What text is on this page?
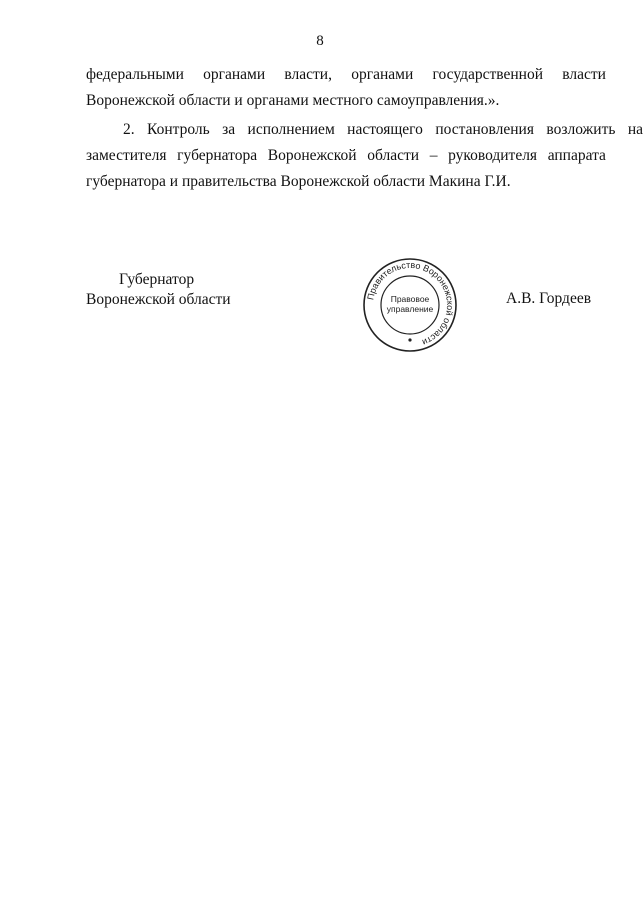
8
федеральными органами власти, органами государственной власти
Воронежской области и органами местного самоуправления.».
2. Контроль за исполнением настоящего постановления возложить на
заместителя губернатора Воронежской области – руководителя аппарата
губернатора и правительства Воронежской области Макина Г.И.
Губернатор
Воронежской области	Правительство Воронежской области
Правовое
управление
А.В. Гордеев
